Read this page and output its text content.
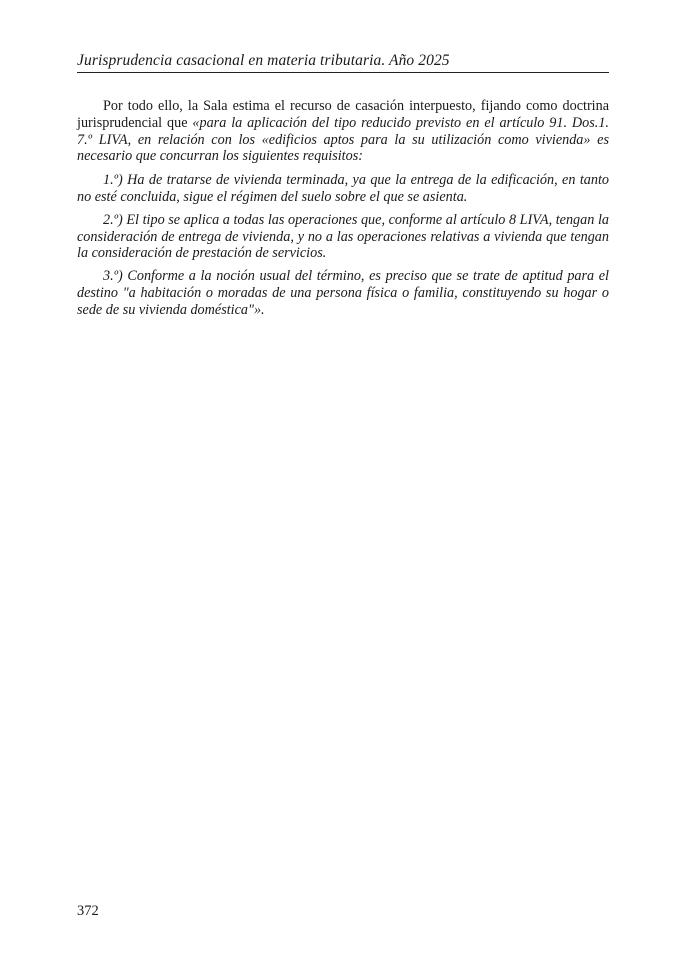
Jurisprudencia casacional en materia tributaria. Año 2025

Por todo ello, la Sala estima el recurso de casación interpuesto, fijando como doctrina jurisprudencial que «para la aplicación del tipo reducido previsto en el artículo 91. Dos.1. 7.º LIVA, en relación con los «edificios aptos para la su utilización como vivienda» es necesario que concurran los siguientes requisitos:

1.º) Ha de tratarse de vivienda terminada, ya que la entrega de la edificación, en tanto no esté concluida, sigue el régimen del suelo sobre el que se asienta.

2.º) El tipo se aplica a todas las operaciones que, conforme al artículo 8 LIVA, tengan la consideración de entrega de vivienda, y no a las operaciones relativas a vivienda que tengan la consideración de prestación de servicios.

3.º) Conforme a la noción usual del término, es preciso que se trate de aptitud para el destino "a habitación o moradas de una persona física o familia, constituyendo su hogar o sede de su vivienda doméstica"».

372
